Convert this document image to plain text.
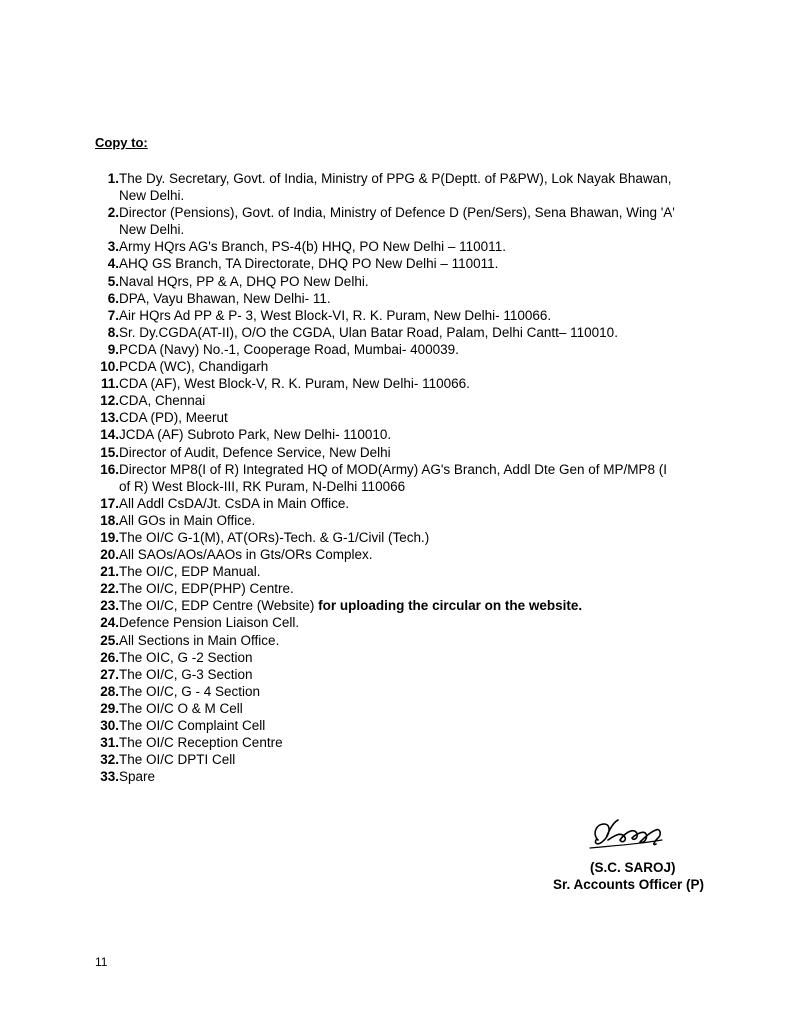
Copy to:
1. The Dy. Secretary, Govt. of India, Ministry of PPG & P(Deptt. of P&PW), Lok Nayak Bhawan,
New Delhi.
2. Director (Pensions), Govt. of India, Ministry of Defence D (Pen/Sers), Sena Bhawan, Wing 'A'
New Delhi.
3. Army HQrs AG's Branch, PS-4(b) HHQ, PO New Delhi – 110011.
4. AHQ GS Branch, TA Directorate, DHQ PO New Delhi – 110011.
5. Naval HQrs, PP & A, DHQ PO New Delhi.
6. DPA, Vayu Bhawan, New Delhi- 11.
7. Air HQrs Ad PP & P- 3, West Block-VI, R. K. Puram, New Delhi- 110066.
8. Sr. Dy.CGDA(AT-II), O/O the CGDA, Ulan Batar Road, Palam, Delhi Cantt– 110010.
9. PCDA (Navy) No.-1, Cooperage Road, Mumbai- 400039.
10. PCDA (WC), Chandigarh
11. CDA (AF), West Block-V, R. K. Puram, New Delhi- 110066.
12. CDA, Chennai
13. CDA (PD), Meerut
14. JCDA (AF) Subroto Park, New Delhi- 110010.
15. Director of Audit, Defence Service, New Delhi
16. Director MP8(I of R) Integrated HQ of MOD(Army) AG's Branch, Addl Dte Gen of MP/MP8 (I
of R) West Block-III, RK Puram, N-Delhi 110066
17. All Addl CsDA/Jt. CsDA in Main Office.
18. All GOs in Main Office.
19. The OI/C G-1(M), AT(ORs)-Tech. & G-1/Civil (Tech.)
20. All SAOs/AOs/AAOs in Gts/ORs Complex.
21. The OI/C, EDP Manual.
22. The OI/C, EDP(PHP) Centre.
23. The OI/C, EDP Centre (Website) for uploading the circular on the website.
24. Defence Pension Liaison Cell.
25. All Sections in Main Office.
26. The OIC, G -2 Section
27. The OI/C, G-3 Section
28. The OI/C, G - 4 Section
29. The OI/C O & M Cell
30. The OI/C Complaint Cell
31. The OI/C Reception Centre
32. The OI/C DPTI Cell
33. Spare
(S.C. SAROJ)
Sr. Accounts Officer (P)
11
